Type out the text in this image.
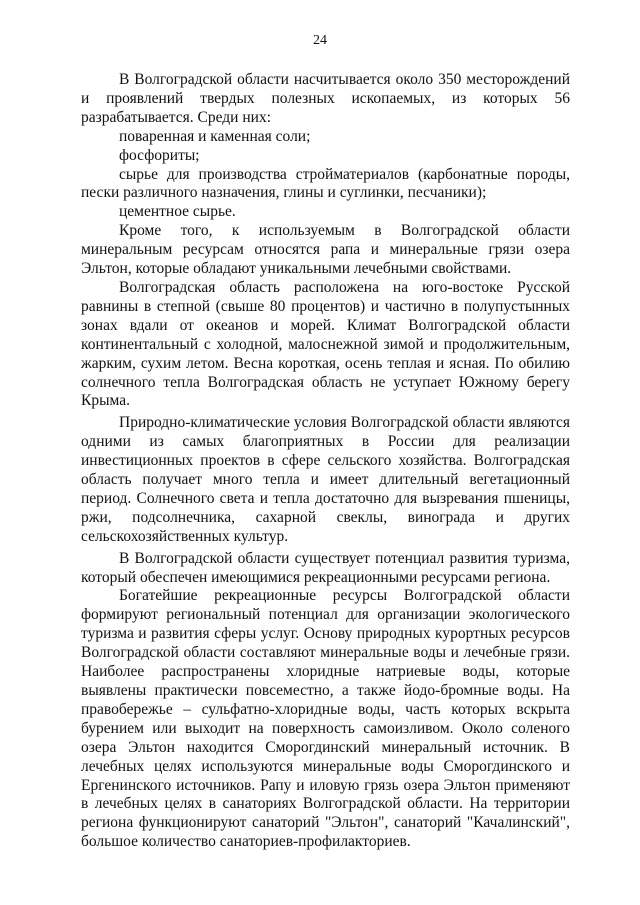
24

В Волгоградской области насчитывается около 350 месторождений и проявлений твердых полезных ископаемых, из которых 56 разрабатывается. Среди них:

поваренная и каменная соли;

фосфориты;

сырье для производства стройматериалов (карбонатные породы, пески различного назначения, глины и суглинки, песчаники);

цементное сырье.

Кроме того, к используемым в Волгоградской области минеральным ресурсам относятся рапа и минеральные грязи озера Эльтон, которые обладают уникальными лечебными свойствами.

Волгоградская область расположена на юго-востоке Русской равнины в степной (свыше 80 процентов) и частично в полупустынных зонах вдали от океанов и морей. Климат Волгоградской области континентальный с холодной, малоснежной зимой и продолжительным, жарким, сухим летом. Весна короткая, осень теплая и ясная. По обилию солнечного тепла Волгоградская область не уступает Южному берегу Крыма.

Природно-климатические условия Волгоградской области являются одними из самых благоприятных в России для реализации инвестиционных проектов в сфере сельского хозяйства. Волгоградская область получает много тепла и имеет длительный вегетационный период. Солнечного света и тепла достаточно для вызревания пшеницы, ржи, подсолнечника, сахарной свеклы, винограда и других сельскохозяйственных культур.

В Волгоградской области существует потенциал развития туризма, который обеспечен имеющимися рекреационными ресурсами региона.

Богатейшие рекреационные ресурсы Волгоградской области формируют региональный потенциал для организации экологического туризма и развития сферы услуг. Основу природных курортных ресурсов Волгоградской области составляют минеральные воды и лечебные грязи. Наиболее распространены хлоридные натриевые воды, которые выявлены практически повсеместно, а также йодо-бромные воды. На правобережье – сульфатно-хлоридные воды, часть которых вскрыта бурением или выходит на поверхность самоизливом. Около соленого озера Эльтон находится Сморогдинский минеральный источник. В лечебных целях используются минеральные воды Сморогдинского и Ергенинского источников. Рапу и иловую грязь озера Эльтон применяют в лечебных целях в санаториях Волгоградской области. На территории региона функционируют санаторий "Эльтон", санаторий "Качалинский", большое количество санаториев-профилакториев.
